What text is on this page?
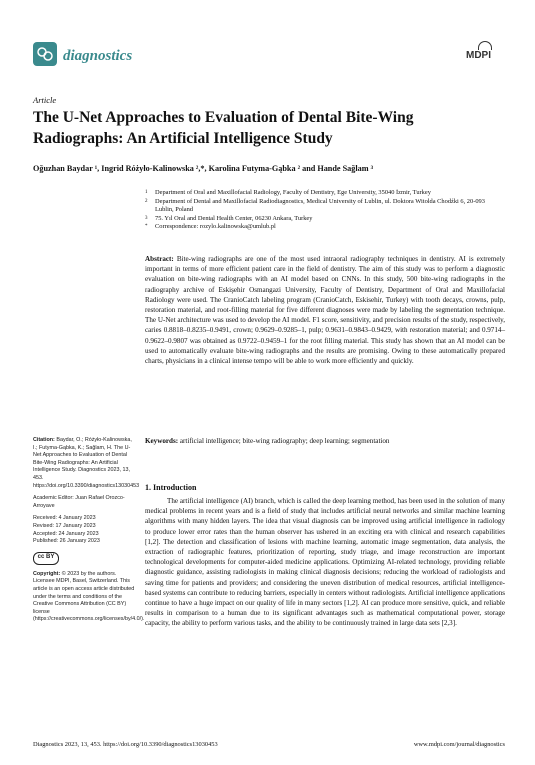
diagnostics	MDPI
Article
The U-Net Approaches to Evaluation of Dental Bite-Wing Radiographs: An Artificial Intelligence Study
Oğuzhan Baydar ¹, Ingrid Różyło-Kalinowska ²,*, Karolina Futyma-Gąbka ² and Hande Sağlam ³
1	Department of Oral and Maxillofacial Radiology, Faculty of Dentistry, Ege University, 35040 İzmir, Turkey
2	Department of Dental and Maxillofacial Radiodiagnostics, Medical University of Lublin, ul. Doktora Witolda Chodźki 6, 20-093 Lublin, Poland
3	75. Yıl Oral and Dental Health Center, 06230 Ankara, Turkey
*	Correspondence: rozylo.kalinowska@umlub.pl
Abstract: Bite-wing radiographs are one of the most used intraoral radiography techniques in dentistry. AI is extremely important in terms of more efficient patient care in the field of dentistry. The aim of this study was to perform a diagnostic evaluation on bite-wing radiographs with an AI model based on CNNs. In this study, 500 bite-wing radiographs in the radiography archive of Eskişehir Osmangazi University, Faculty of Dentistry, Department of Oral and Maxillofacial Radiology were used. The CranioCatch labeling program (CranioCatch, Eskisehir, Turkey) with tooth decays, crowns, pulp, restoration material, and root-filling material for five different diagnoses were made by labeling the segmentation technique. The U-Net architecture was used to develop the AI model. F1 score, sensitivity, and precision results of the study, respectively, caries 0.8818–0.8235–0.9491, crown; 0.9629–0.9285–1, pulp; 0.9631–0.9843–0.9429, with restoration material; and 0.9714–0.9622–0.9807 was obtained as 0.9722–0.9459–1 for the root filling material. This study has shown that an AI model can be used to automatically evaluate bite-wing radiographs and the results are promising. Owing to these automatically prepared charts, physicians in a clinical intense tempo will be able to work more efficiently and quickly.
Keywords: artificial intelligence; bite-wing radiography; deep learning; segmentation

Citation: Baydar, O.; Różyło-Kalinowska, I.; Futyma-Gąbka, K.; Sağlam, H. The U-Net Approaches to Evaluation of Dental Bite-Wing Radiographs: An Artificial Intelligence Study. Diagnostics 2023, 13, 453. https://doi.org/10.3390/diagnostics13030453

Academic Editor: Juan Rafael Orozco-Arroyave

Received: 4 January 2023

Revised: 17 January 2023

Accepted: 24 January 2023

Published: 26 January 2023

cc BY

Copyright: © 2023 by the authors. Licensee MDPI, Basel, Switzerland. This article is an open access article distributed under the terms and conditions of the Creative Commons Attribution (CC BY) license (https://creativecommons.org/licenses/by/4.0/).

1. Introduction
The artificial intelligence (AI) branch, which is called the deep learning method, has been used in the solution of many medical problems in recent years and is a field of study that includes artificial neural networks and similar machine learning algorithms with many hidden layers. The idea that visual diagnosis can be improved using artificial intelligence in radiology to produce lower error rates than the human observer has ushered in an exciting era with clinical and research capabilities [1,2]. The detection and classification of lesions with machine learning, automatic image segmentation, data analysis, the extraction of radiographic features, prioritization of reporting, study triage, and image reconstruction are important technological developments for computer-aided medicine applications. Optimizing AI-related technology, providing reliable diagnostic guidance, assisting radiologists in making clinical diagnosis decisions; reducing the workload of radiologists and saving time for patients and providers; and considering the uneven distribution of medical resources, artificial intelligence-based systems can contribute to reducing barriers, especially in centers without radiologists. Artificial intelligence applications continue to have a huge impact on our quality of life in many sectors [1,2]. AI can produce more sensitive, quick, and reliable results in comparison to a human due to its significant advantages such as mathematical computational power, storage capacity, the ability to perform various tasks, and the ability to be continuously trained in large data sets [2,3].
Diagnostics 2023, 13, 453. https://doi.org/10.3390/diagnostics13030453	www.mdpi.com/journal/diagnostics
